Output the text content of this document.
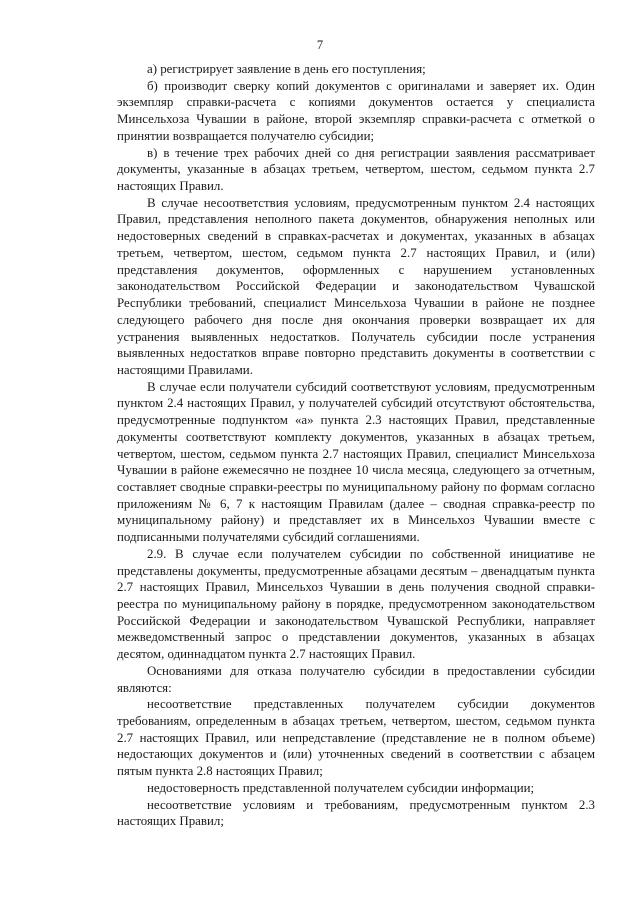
7

а) регистрирует заявление в день его поступления;

б) производит сверку копий документов с оригиналами и заверяет их. Один экземпляр справки-расчета с копиями документов остается у специалиста Минсельхоза Чувашии в районе, второй экземпляр справки-расчета с отметкой о принятии возвращается получателю субсидии;

в) в течение трех рабочих дней со дня регистрации заявления рассматривает документы, указанные в абзацах третьем, четвертом, шестом, седьмом пункта 2.7 настоящих Правил.

В случае несоответствия условиям, предусмотренным пунктом 2.4 настоящих Правил, представления неполного пакета документов, обнаружения неполных или недостоверных сведений в справках-расчетах и документах, указанных в абзацах третьем, четвертом, шестом, седьмом пункта 2.7 настоящих Правил, и (или) представления документов, оформленных с нарушением установленных законодательством Российской Федерации и законодательством Чувашской Республики требований, специалист Минсельхоза Чувашии в районе не позднее следующего рабочего дня после дня окончания проверки возвращает их для устранения выявленных недостатков. Получатель субсидии после устранения выявленных недостатков вправе повторно представить документы в соответствии с настоящими Правилами.

В случае если получатели субсидий соответствуют условиям, предусмотренным пунктом 2.4 настоящих Правил, у получателей субсидий отсутствуют обстоятельства, предусмотренные подпунктом «а» пункта 2.3 настоящих Правил, представленные документы соответствуют комплекту документов, указанных в абзацах третьем, четвертом, шестом, седьмом пункта 2.7 настоящих Правил, специалист Минсельхоза Чувашии в районе ежемесячно не позднее 10 числа месяца, следующего за отчетным, составляет сводные справки-реестры по муниципальному району по формам согласно приложениям № 6, 7 к настоящим Правилам (далее – сводная справка-реестр по муниципальному району) и представляет их в Минсельхоз Чувашии вместе с подписанными получателями субсидий соглашениями.

2.9. В случае если получателем субсидии по собственной инициативе не представлены документы, предусмотренные абзацами десятым – двенадцатым пункта 2.7 настоящих Правил, Минсельхоз Чувашии в день получения сводной справки-реестра по муниципальному району в порядке, предусмотренном законодательством Российской Федерации и законодательством Чувашской Республики, направляет межведомственный запрос о представлении документов, указанных в абзацах десятом, одиннадцатом пункта 2.7 настоящих Правил.

Основаниями для отказа получателю субсидии в предоставлении субсидии являются:

несоответствие представленных получателем субсидии документов требованиям, определенным в абзацах третьем, четвертом, шестом, седьмом пункта 2.7 настоящих Правил, или непредставление (представление не в полном объеме) недостающих документов и (или) уточненных сведений в соответствии с абзацем пятым пункта 2.8 настоящих Правил;

недостоверность представленной получателем субсидии информации;

несоответствие условиям и требованиям, предусмотренным пунктом 2.3 настоящих Правил;
